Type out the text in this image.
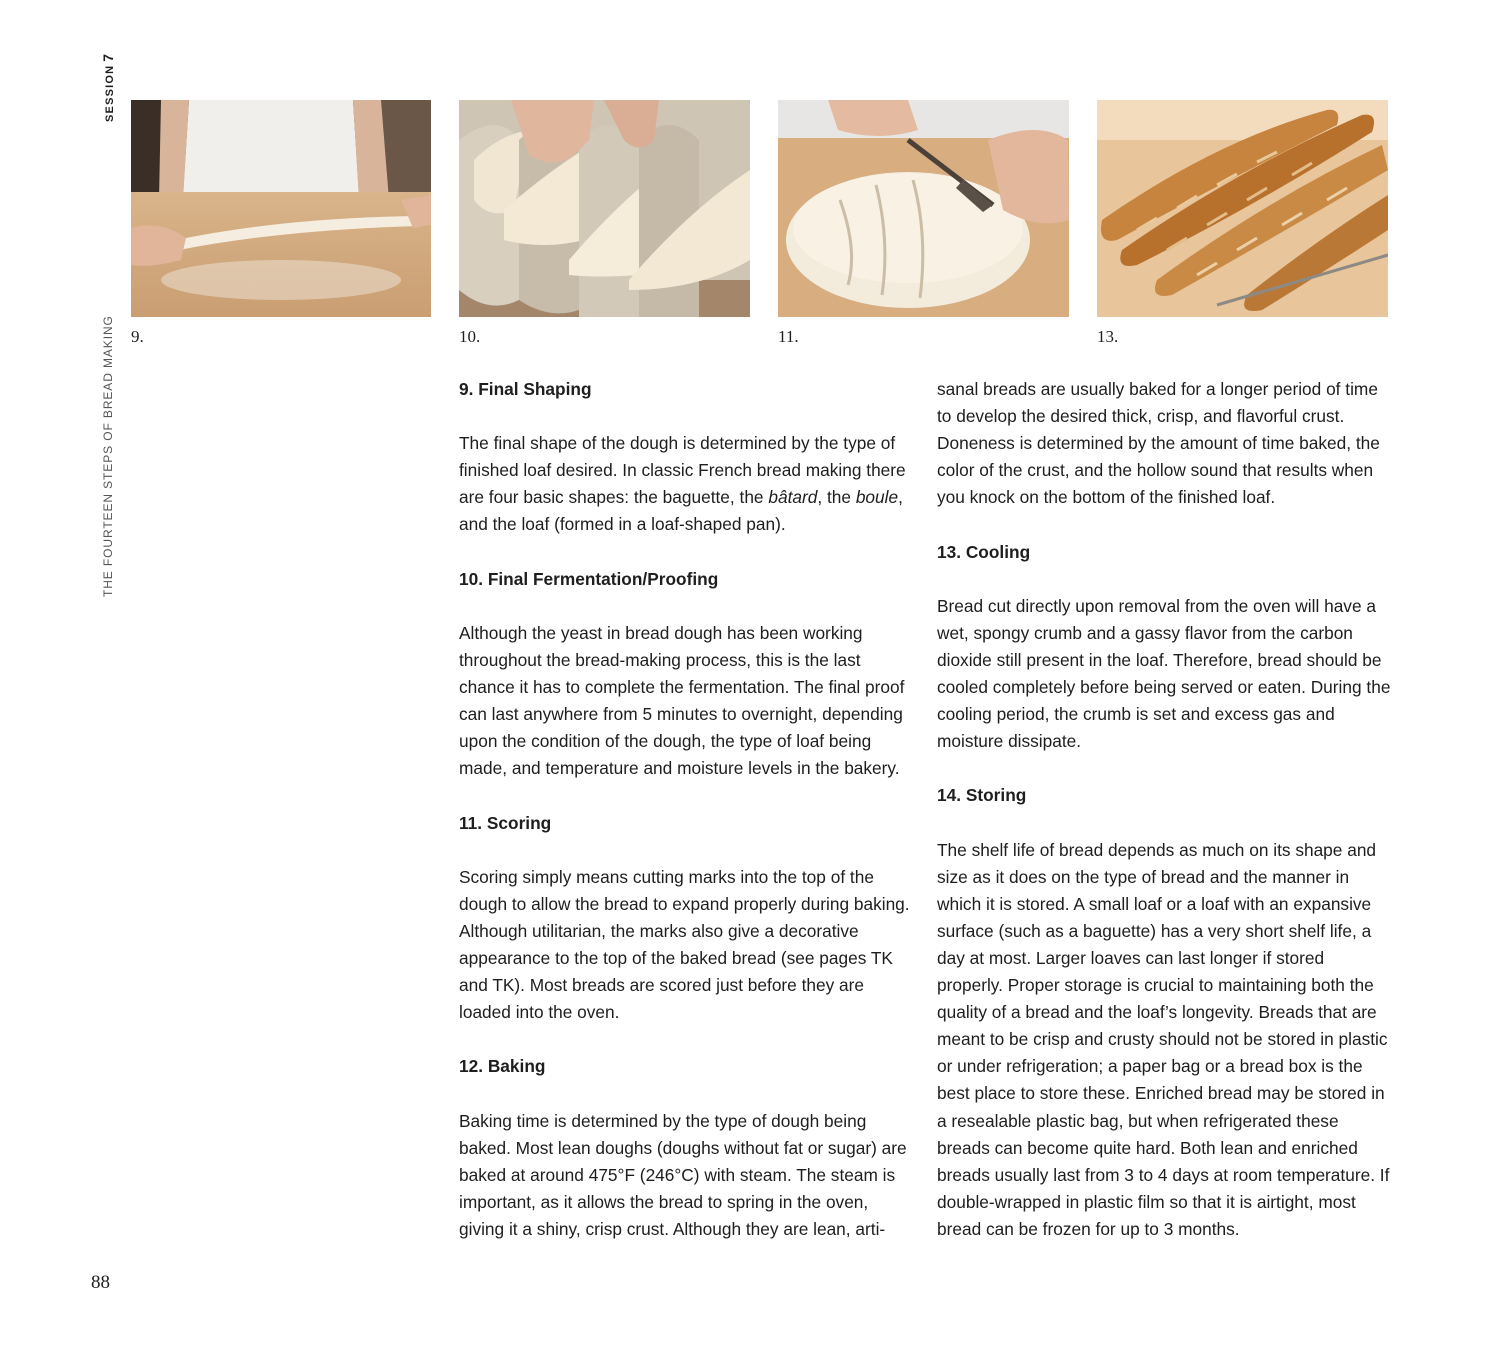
SESSION7
THE FOURTEEN STEPS OF BREAD MAKING 9.	10.	11.	13.
9. Final Shaping

The final shape of the dough is determined by the type of finished loaf desired. In classic French bread making there are four basic shapes: the baguette, the bâtard, the boule, and the loaf (formed in a loaf-shaped pan).

10. Final Fermentation/Proofing

Although the yeast in bread dough has been working throughout the bread-making process, this is the last chance it has to complete the fermentation. The final proof can last anywhere from 5 minutes to overnight, depending upon the condition of the dough, the type of loaf being made, and temperature and moisture levels in the bakery.

11. Scoring

Scoring simply means cutting marks into the top of the dough to allow the bread to expand properly during baking. Although utilitarian, the marks also give a decorative appearance to the top of the baked bread (see pages TK and TK). Most breads are scored just before they are loaded into the oven.

12. Baking

Baking time is determined by the type of dough being baked. Most lean doughs (doughs without fat or sugar) are baked at around 475°F (246°C) with steam. The steam is important, as it allows the bread to spring in the oven, giving it a shiny, crisp crust. Although they are lean, arti-

sanal breads are usually baked for a longer period of time to develop the desired thick, crisp, and flavorful crust. Doneness is determined by the amount of time baked, the color of the crust, and the hollow sound that results when you knock on the bottom of the finished loaf.

13. Cooling

Bread cut directly upon removal from the oven will have a wet, spongy crumb and a gassy flavor from the carbon dioxide still present in the loaf. Therefore, bread should be cooled completely before being served or eaten. During the cooling period, the crumb is set and excess gas and moisture dissipate.

14. Storing

The shelf life of bread depends as much on its shape and size as it does on the type of bread and the manner in which it is stored. A small loaf or a loaf with an expansive surface (such as a baguette) has a very short shelf life, a day at most. Larger loaves can last longer if stored properly. Proper storage is crucial to maintaining both the quality of a bread and the loaf’s longevity. Breads that are meant to be crisp and crusty should not be stored in plastic or under refrigeration; a paper bag or a bread box is the best place to store these. Enriched bread may be stored in a resealable plastic bag, but when refrigerated these breads can become quite hard. Both lean and enriched breads usually last from 3 to 4 days at room temperature. If double-wrapped in plastic film so that it is airtight, most bread can be frozen for up to 3 months.

88
